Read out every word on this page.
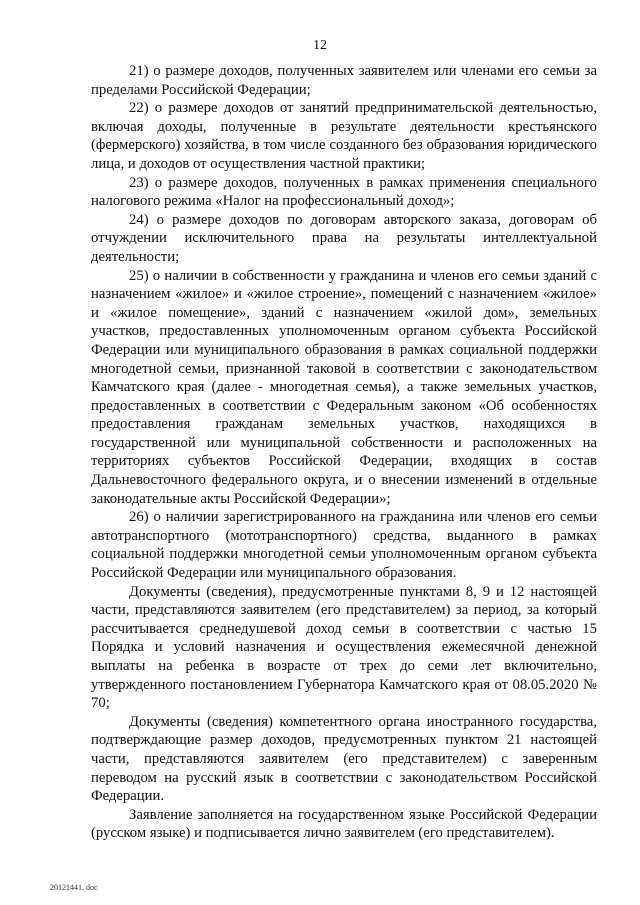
12

21) о размере доходов, полученных заявителем или членами его семьи за пределами Российской Федерации;

22) о размере доходов от занятий предпринимательской деятельностью, включая доходы, полученные в результате деятельности крестьянского (фермерского) хозяйства, в том числе созданного без образования юридического лица, и доходов от осуществления частной практики;

23) о размере доходов, полученных в рамках применения специального налогового режима «Налог на профессиональный доход»;

24) о размере доходов по договорам авторского заказа, договорам об отчуждении исключительного права на результаты интеллектуальной деятельности;

25) о наличии в собственности у гражданина и членов его семьи зданий с назначением «жилое» и «жилое строение», помещений с назначением «жилое» и «жилое помещение», зданий с назначением «жилой дом», земельных участков, предоставленных уполномоченным органом субъекта Российской Федерации или муниципального образования в рамках социальной поддержки многодетной семьи, признанной таковой в соответствии с законодательством Камчатского края (далее - многодетная семья), а также земельных участков, предоставленных в соответствии с Федеральным законом «Об особенностях предоставления гражданам земельных участков, находящихся в государственной или муниципальной собственности и расположенных на территориях субъектов Российской Федерации, входящих в состав Дальневосточного федерального округа, и о внесении изменений в отдельные законодательные акты Российской Федерации»;

26) о наличии зарегистрированного на гражданина или членов его семьи автотранспортного (мототранспортного) средства, выданного в рамках социальной поддержки многодетной семьи уполномоченным органом субъекта Российской Федерации или муниципального образования.

Документы (сведения), предусмотренные пунктами 8, 9 и 12 настоящей части, представляются заявителем (его представителем) за период, за который рассчитывается среднедушевой доход семьи в соответствии с частью 15 Порядка и условий назначения и осуществления ежемесячной денежной выплаты на ребенка в возрасте от трех до семи лет включительно, утвержденного постановлением Губернатора Камчатского края от 08.05.2020 № 70;

Документы (сведения) компетентного органа иностранного государства, подтверждающие размер доходов, предусмотренных пунктом 21 настоящей части, представляются заявителем (его представителем) с заверенным переводом на русский язык в соответствии с законодательством Российской Федерации.

Заявление заполняется на государственном языке Российской Федерации (русском языке) и подписывается лично заявителем (его представителем).

20121441. doc
